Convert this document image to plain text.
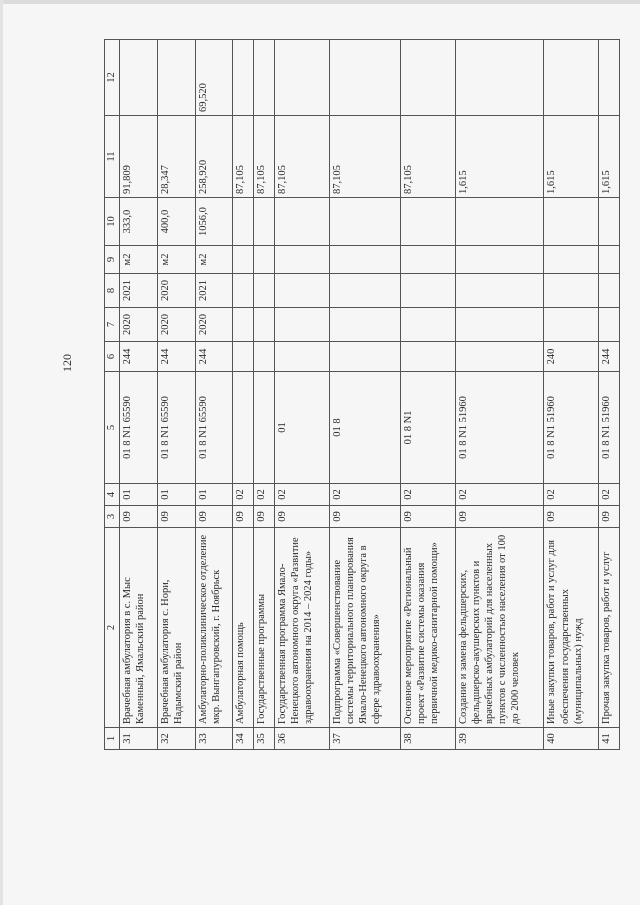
120
1	2	3	4	5	6	7	8	9	10	11	12
31	Врачебная амбулатория в с. Мыс Каменный, Ямальский район	09	01	01 8 N1 65590	244	2020	2021	м2	333,0	91,809	
32	Врачебная амбулатория с. Нори, Надымский район	09	01	01 8 N1 65590	244	2020	2020	м2	400,0	28,347	
33	Амбулаторно-поликлиническое отделение мкр. Вынгапуровский, г. Ноябрьск	09	01	01 8 N1 65590	244	2020	2021	м2	1056,0	258,920	69,520
34	Амбулаторная помощь	09	02							87,105	
35	Государственные программы	09	02							87,105	
36	Государственная программа Ямало-Ненецкого автономного округа «Развитие здравоохранения на 2014 – 2024 годы»	09	02	01						87,105	
37	Подпрограмма «Совершенствование системы территориального планирования Ямало-Ненецкого автономного округа в сфере здравоохранения»	09	02	01 8						87,105	
38	Основное мероприятие «Региональный проект «Развитие системы оказания первичной медико-санитарной помощи»	09	02	01 8 N1						87,105	
39	Создание и замена фельдшерских, фельдшерско-акушерских пунктов и врачебных амбулаторий для населенных пунктов с численностью населения от 100 до 2000 человек	09	02	01 8 N1 51960						1,615	
40	Иные закупки товаров, работ и услуг для обеспечения государственных (муниципальных) нужд	09	02	01 8 N1 51960	240					1,615	
41	Прочая закупка товаров, работ и услуг	09	02	01 8 N1 51960	244					1,615	
